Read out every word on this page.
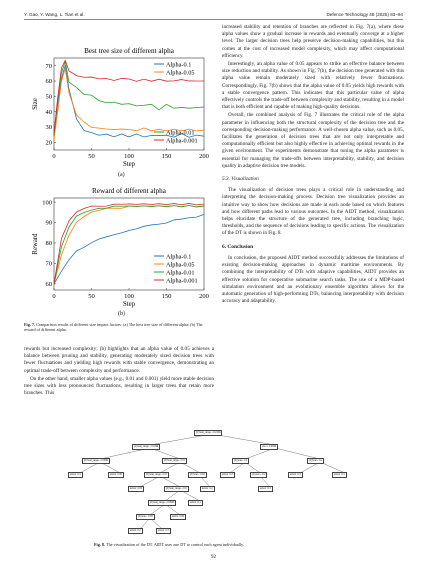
Y. Gao, Y. Wang, L. Tian et al.	Defence Technology 48 (2025) 83–94
Best tree size of different alpha
0	50	100	150	200
20
30
40
50
60
70
Step
Size
Alpha-0.1
Alpha-0.05
Alpha-0.01
Alpha-0.001
(a)
Reward of different alpha
0	50	100	150	200
60
70
80
90
100
Step
Reward
Alpha-0.1
Alpha-0.05
Alpha-0.01
Alpha-0.001
(b)
Fig. 7. Comparison results of different size impact factors: (a) The best tree size of different alpha; (b) The reward of different alpha.

rewards but increased complexity; (b) highlights that an alpha value of 0.05 achieves a balance between pruning and stability, generating moderately sized decision trees with fewer fluctuations and yielding high rewards with stable convergence, demonstrating an optimal trade-off between complexity and performance.

On the other hand, smaller alpha values (e.g., 0.01 and 0.001) yield more stable decision tree sizes with less pronounced fluctuations, resulting in larger trees that retain more branches. This

increased stability and retention of branches are reflected in Fig. 7(a), where these alpha values show a gradual increase in rewards and eventually converge at a higher level. The larger decision trees help preserve decision-making capabilities, but this comes at the cost of increased model complexity, which may affect computational efficiency.

Interestingly, an alpha value of 0.05 appears to strike an effective balance between size reduction and stability. As shown in Fig. 7(b), the decision tree generated with this alpha value remain moderately sized with relatively fewer fluctuations. Correspondingly, Fig. 7(b) shows that the alpha value of 0.05 yields high rewards with a stable convergence pattern. This indicates that this particular value of alpha effectively controls the trade-off between complexity and stability, resulting in a model that is both efficient and capable of making high-quality decisions.

Overall, the combined analysis of Fig. 7 illustrates the critical role of the alpha parameter in influencing both the structural complexity of the decision tree and the corresponding decision-making performance. A well-chosen alpha value, such as 0.05, facilitates the generation of decision trees that are not only interpretable and computationally efficient but also highly effective in achieving optimal rewards in the given environment. The experiments demonstrate that tuning the alpha parameter is essential for managing the trade-offs between interpretability, stability, and decision quality in adaptive decision tree models.

5.3. Visualization

The visualization of decision trees plays a critical role in understanding and interpreting the decision-making process. Decision tree visualization provides an intuitive way to show how decisions are made at each node based on which features and how different paths lead to various outcomes. In the AIDT method, visualization helps elucidate the structure of the generated tree, including branching logic, thresholds, and the sequence of decisions leading to specific actions. The visualization of the DT is shown in Fig. 8.

6. Conclusion

In conclusion, the proposed AIDT method successfully addresses the limitations of existing decision-making approaches in dynamic maritime environments. By combining the interpretability of DTs with adaptive capabilities, AIDT provides an effective solution for cooperative submarine search tasks. The use of a MDP-based simulation environment and an evolutionary ensemble algorithm allows for the automatic generation of high-performing DTs, balancing interpretability with decision accuracy and adaptability.

[0] boat_range ≤ 0.2148
[1] boat_range ≤ 0.1192	prev ≤ 0.0838
[0] boat_range ≤ 0.0501	[3] boat_range ≤ 0.3	[2] boat ≤ 0.1	[2] boat ≤ 0.1
action: 0.1	action: 0.05	[4] boat_range ≤ 0.0	[3] boat ≤ 0.03	action: 0.2	[1] prev ≤ 0.2	action: 0.3	action: 0.1
action: 0.05	[4] boat_range ≤ 0.0	action: 0.2	action: 0.3
[0] boat_range ≤ 0.0501	action: 0.1
[3] boat ≤ 0.03	action: 0.05
action: 0.2	action: 0.3
Fig. 8. The visualization of the DT. AIDT uses one DT to control each agent individually.
92
